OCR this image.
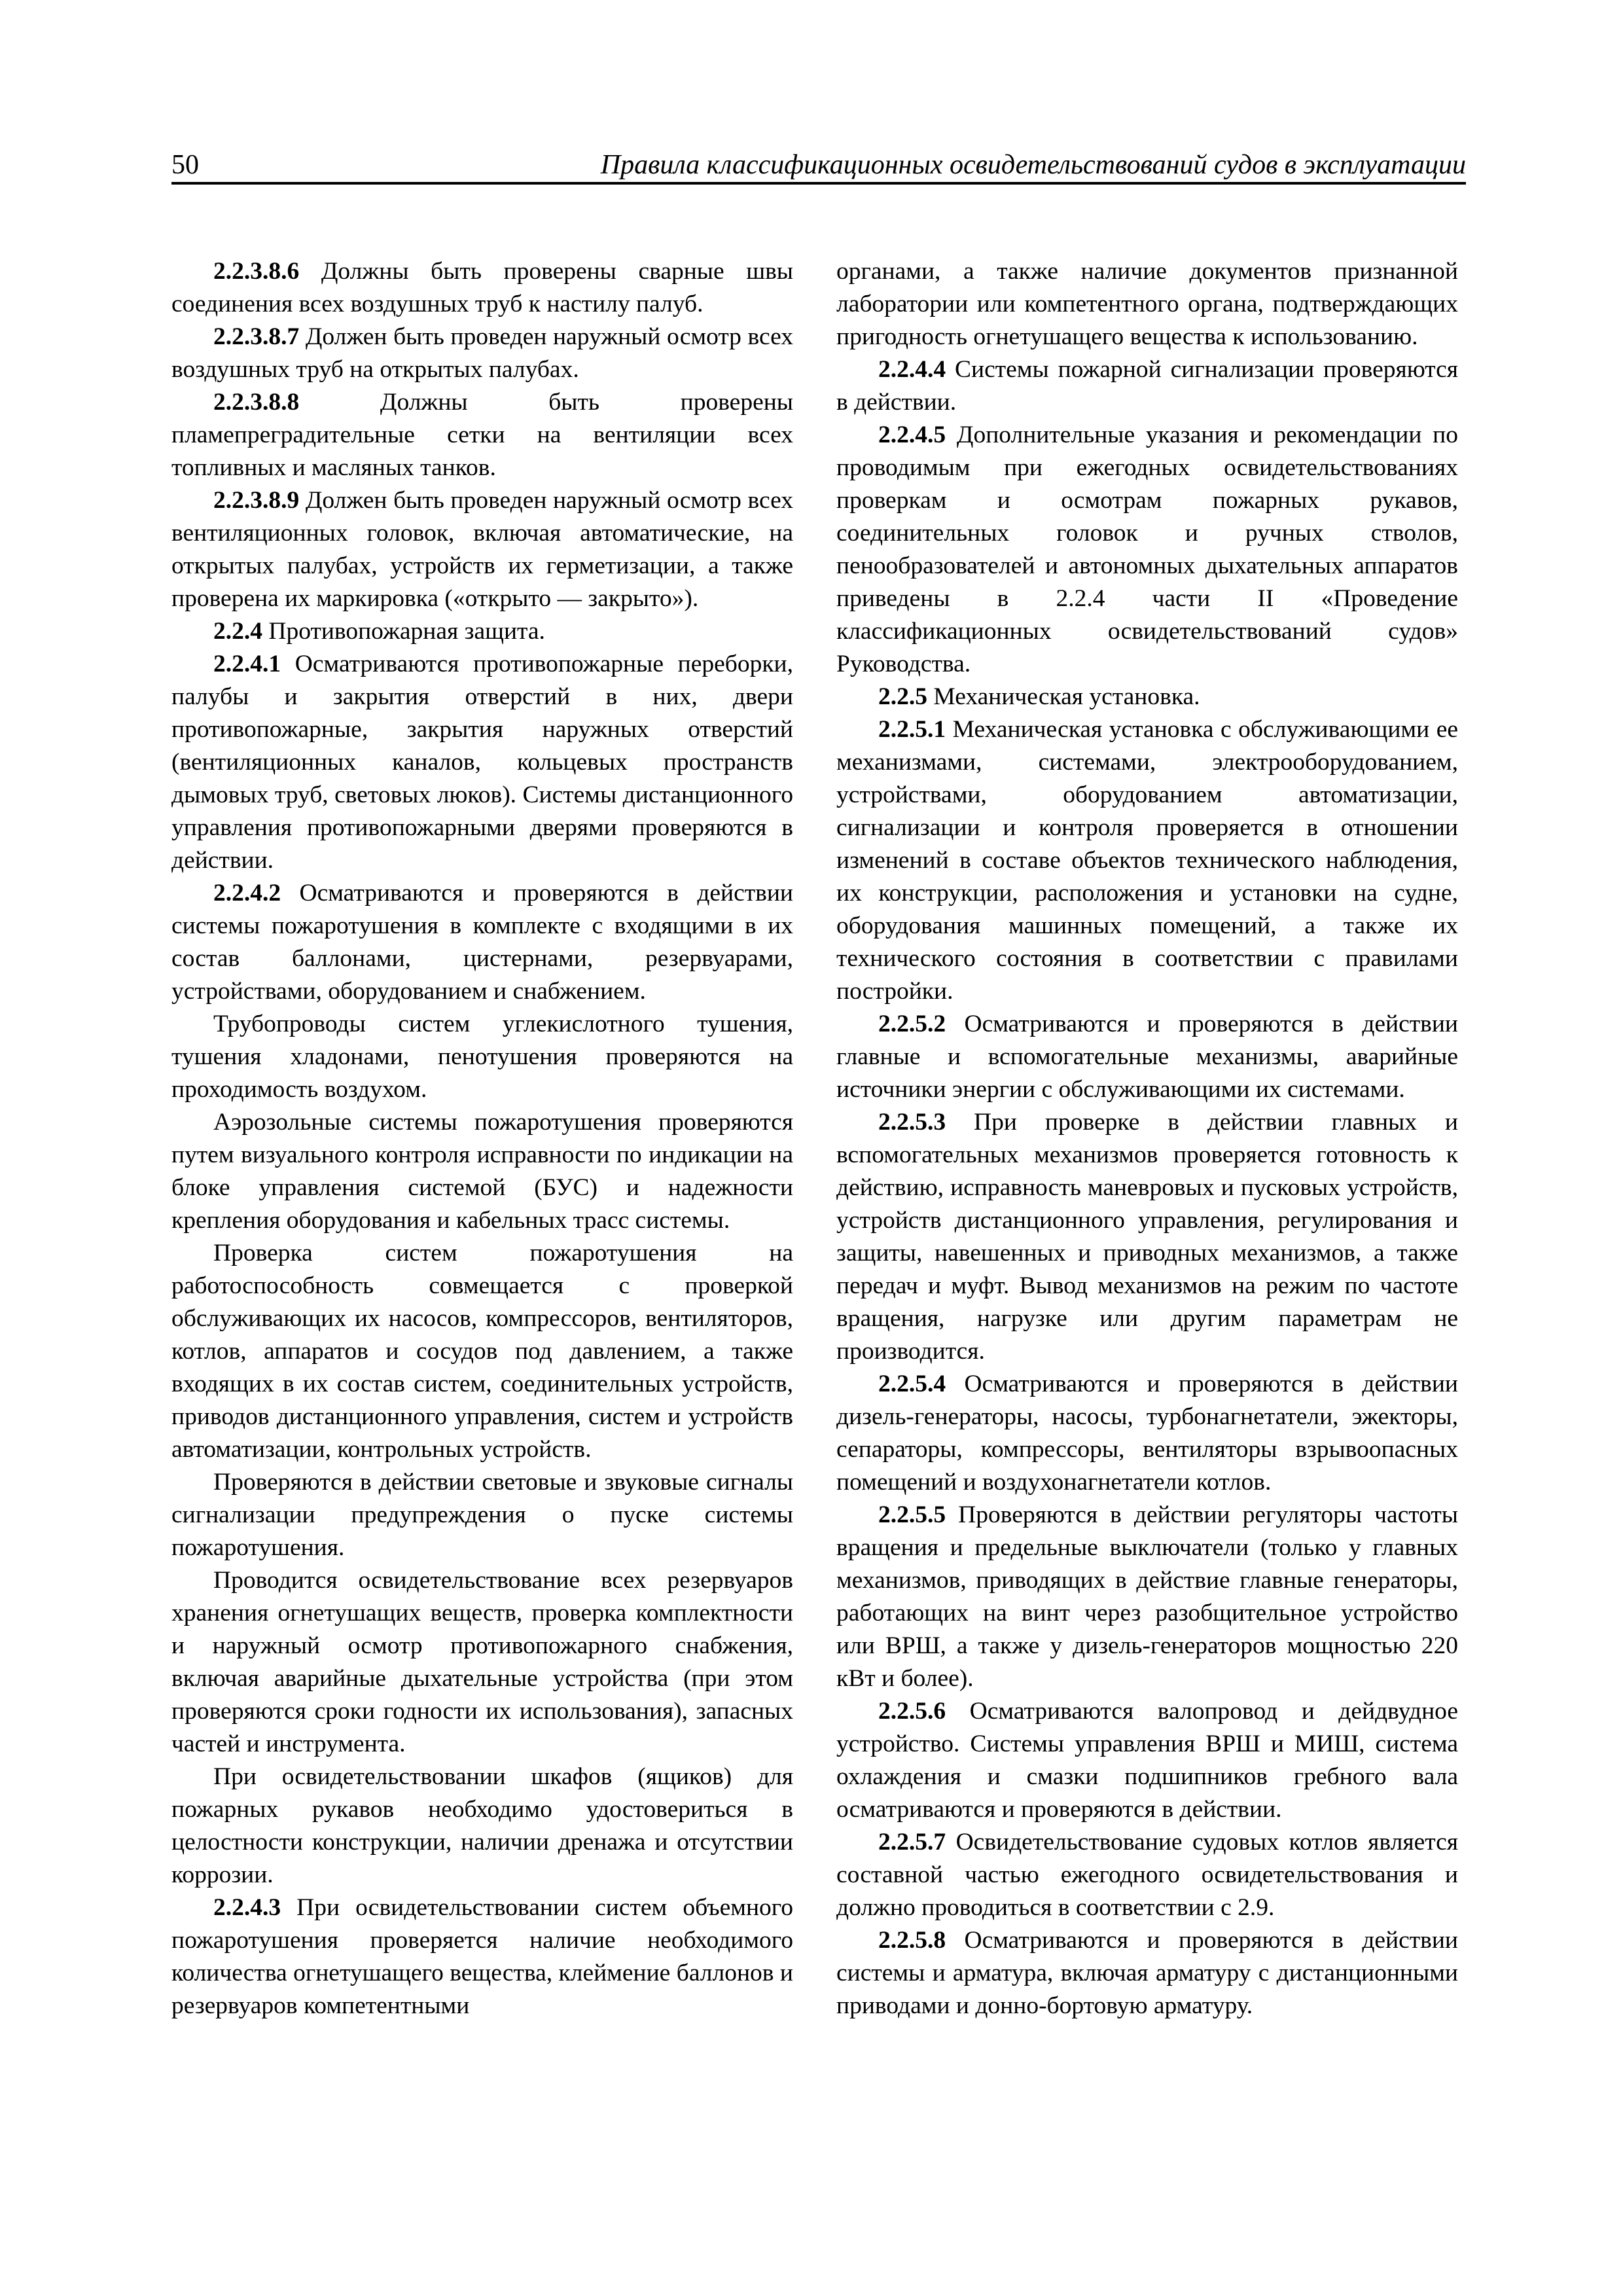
50	Правила классификационных освидетельствований судов в эксплуатации

2.2.3.8.6 Должны быть проверены сварные швы соединения всех воздушных труб к настилу палуб.

2.2.3.8.7 Должен быть проведен наружный осмотр всех воздушных труб на открытых палубах.

2.2.3.8.8 Должны быть проверены пламепреградительные сетки на вентиляции всех топливных и масляных танков.

2.2.3.8.9 Должен быть проведен наружный осмотр всех вентиляционных головок, включая автоматические, на открытых палубах, устройств их герметизации, а также проверена их маркировка («открыто — закрыто»).

2.2.4 Противопожарная защита.

2.2.4.1 Осматриваются противопожарные переборки, палубы и закрытия отверстий в них, двери противопожарные, закрытия наружных отверстий (вентиляционных каналов, кольцевых пространств дымовых труб, световых люков). Системы дистанционного управления противопожарными дверями проверяются в действии.

2.2.4.2 Осматриваются и проверяются в действии системы пожаротушения в комплекте с входящими в их состав баллонами, цистернами, резервуарами, устройствами, оборудованием и снабжением.

Трубопроводы систем углекислотного тушения, тушения хладонами, пенотушения проверяются на проходимость воздухом.

Аэрозольные системы пожаротушения проверяются путем визуального контроля исправности по индикации на блоке управления системой (БУС) и надежности крепления оборудования и кабельных трасс системы.

Проверка систем пожаротушения на работоспособность совмещается с проверкой обслуживающих их насосов, компрессоров, вентиляторов, котлов, аппаратов и сосудов под давлением, а также входящих в их состав систем, соединительных устройств, приводов дистанционного управления, систем и устройств автоматизации, контрольных устройств.

Проверяются в действии световые и звуковые сигналы сигнализации предупреждения о пуске системы пожаротушения.

Проводится освидетельствование всех резервуаров хранения огнетушащих веществ, проверка комплектности и наружный осмотр противопожарного снабжения, включая аварийные дыхательные устройства (при этом проверяются сроки годности их использования), запасных частей и инструмента.

При освидетельствовании шкафов (ящиков) для пожарных рукавов необходимо удостовериться в целостности конструкции, наличии дренажа и отсутствии коррозии.

2.2.4.3 При освидетельствовании систем объемного пожаротушения проверяется наличие необходимого количества огнетушащего вещества, клеймение баллонов и резервуаров компетентными

органами, а также наличие документов признанной лаборатории или компетентного органа, подтверждающих пригодность огнетушащего вещества к использованию.

2.2.4.4 Системы пожарной сигнализации проверяются в действии.

2.2.4.5 Дополнительные указания и рекомендации по проводимым при ежегодных освидетельствованиях проверкам и осмотрам пожарных рукавов, соединительных головок и ручных стволов, пенообразователей и автономных дыхательных аппаратов приведены в 2.2.4 части II «Проведение классификационных освидетельствований судов» Руководства.

2.2.5 Механическая установка.

2.2.5.1 Механическая установка с обслуживающими ее механизмами, системами, электрооборудованием, устройствами, оборудованием автоматизации, сигнализации и контроля проверяется в отношении изменений в составе объектов технического наблюдения, их конструкции, расположения и установки на судне, оборудования машинных помещений, а также их технического состояния в соответствии с правилами постройки.

2.2.5.2 Осматриваются и проверяются в действии главные и вспомогательные механизмы, аварийные источники энергии с обслуживающими их системами.

2.2.5.3 При проверке в действии главных и вспомогательных механизмов проверяется готовность к действию, исправность маневровых и пусковых устройств, устройств дистанционного управления, регулирования и защиты, навешенных и приводных механизмов, а также передач и муфт. Вывод механизмов на режим по частоте вращения, нагрузке или другим параметрам не производится.

2.2.5.4 Осматриваются и проверяются в действии дизель-генераторы, насосы, турбонагнетатели, эжекторы, сепараторы, компрессоры, вентиляторы взрывоопасных помещений и воздухонагнетатели котлов.

2.2.5.5 Проверяются в действии регуляторы частоты вращения и предельные выключатели (только у главных механизмов, приводящих в действие главные генераторы, работающих на винт через разобщительное устройство или ВРШ, а также у дизель-генераторов мощностью 220 кВт и более).

2.2.5.6 Осматриваются валопровод и дейдвудное устройство. Системы управления ВРШ и МИШ, система охлаждения и смазки подшипников гребного вала осматриваются и проверяются в действии.

2.2.5.7 Освидетельствование судовых котлов является составной частью ежегодного освидетельствования и должно проводиться в соответствии с 2.9.

2.2.5.8 Осматриваются и проверяются в действии системы и арматура, включая арматуру с дистанционными приводами и донно-бортовую арматуру.
